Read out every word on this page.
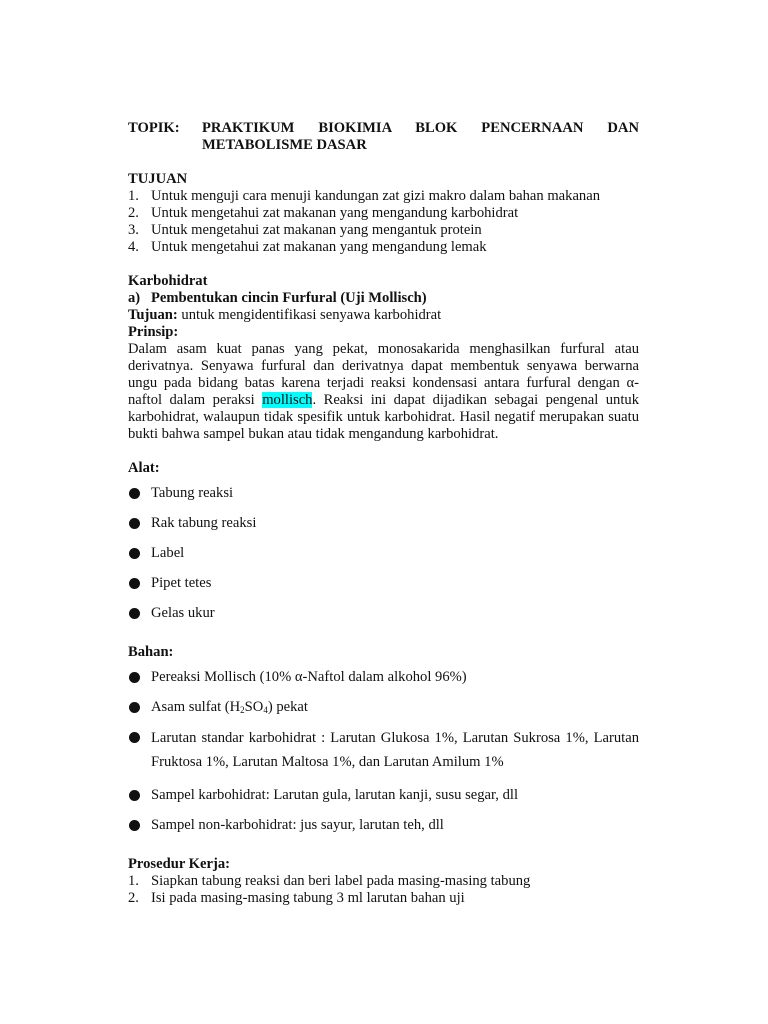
TOPIK:	PRAKTIKUM BIOKIMIA BLOK PENCERNAAN DAN
METABOLISME DASAR
TUJUAN
1. Untuk menguji cara menuji kandungan zat gizi makro dalam bahan makanan
2. Untuk mengetahui zat makanan yang mengandung karbohidrat
3. Untuk mengetahui zat makanan yang mengantuk protein
4. Untuk mengetahui zat makanan yang mengandung lemak
Karbohidrat
a) Pembentukan cincin Furfural (Uji Mollisch)
Tujuan: untuk mengidentifikasi senyawa karbohidrat
Prinsip:

Dalam asam kuat panas yang pekat, monosakarida menghasilkan furfural atau derivatnya. Senyawa furfural dan derivatnya dapat membentuk senyawa berwarna ungu pada bidang batas karena terjadi reaksi kondensasi antara furfural dengan α-naftol dalam peraksi mollisch. Reaksi ini dapat dijadikan sebagai pengenal untuk karbohidrat, walaupun tidak spesifik untuk karbohidrat. Hasil negatif merupakan suatu bukti bahwa sampel bukan atau tidak mengandung karbohidrat.

Alat:
Tabung reaksi
Rak tabung reaksi
Label
Pipet tetes
Gelas ukur
Bahan:
Pereaksi Mollisch (10% α-Naftol dalam alkohol 96%)
Asam sulfat $(H_2SO_4)$ pekat
Larutan standar karbohidrat : Larutan Glukosa 1%, Larutan Sukrosa 1%, Larutan Fruktosa 1%, Larutan Maltosa 1%, dan Larutan Amilum 1%
Sampel karbohidrat: Larutan gula, larutan kanji, susu segar, dll
Sampel non-karbohidrat: jus sayur, larutan teh, dll
Prosedur Kerja:
1. Siapkan tabung reaksi dan beri label pada masing-masing tabung
2. Isi pada masing-masing tabung 3 ml larutan bahan uji
